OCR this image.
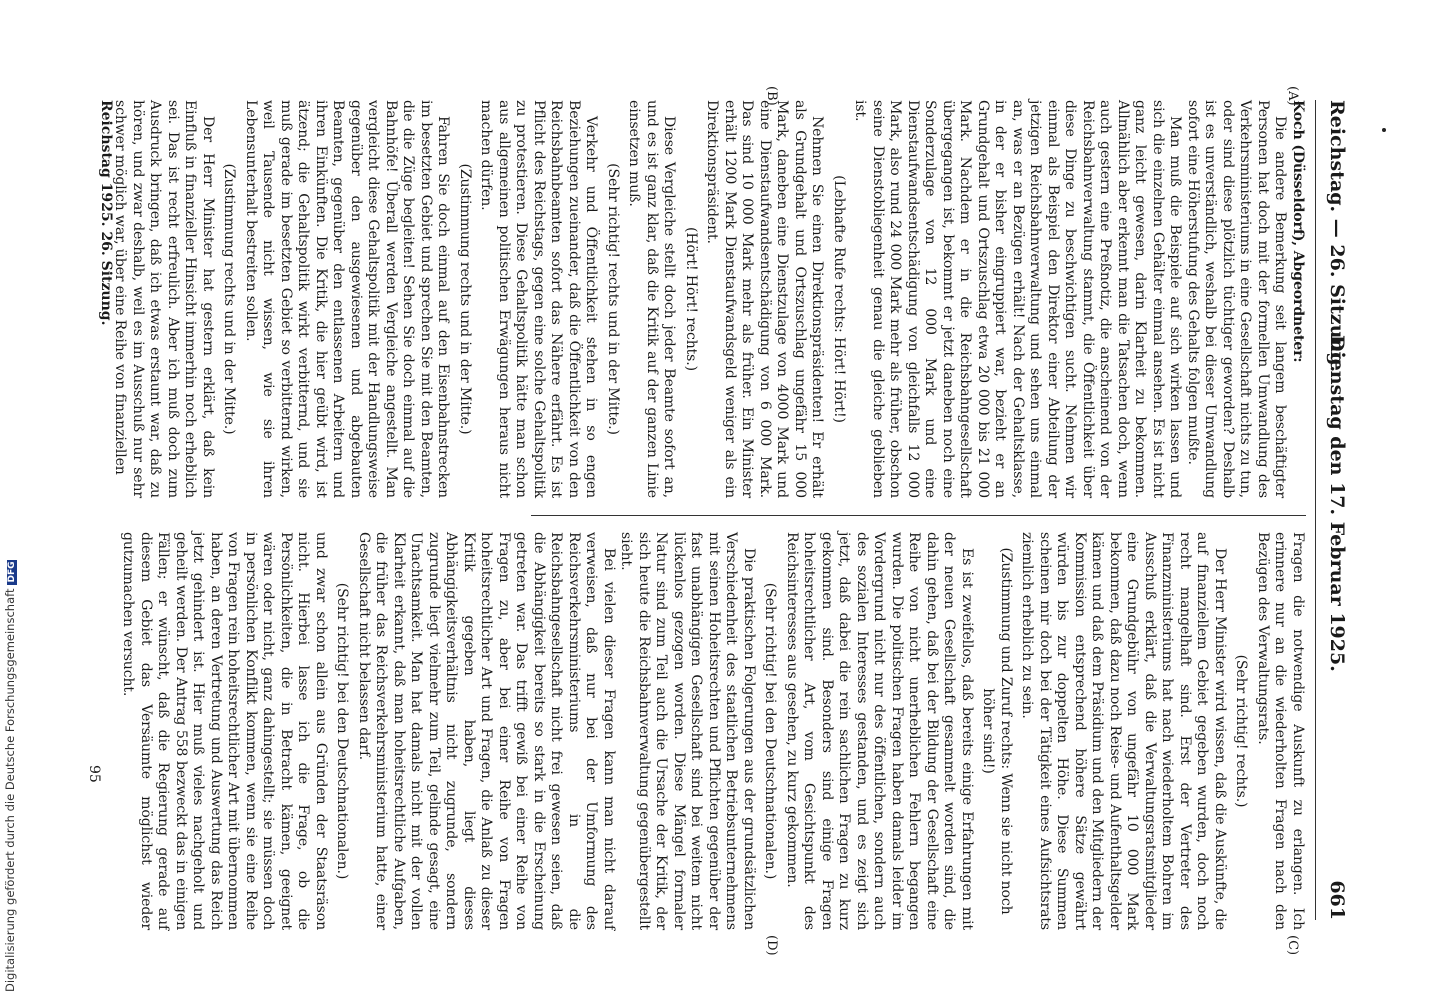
Reichstag. — 26. Sitzung.
Dienstag den 17. Februar 1925.
661
(A)
(B)
(C)
(D)

Koch (Düsseldorf), Abgeordneter:

Die andere Bemerkung seit langem beschäftigter Personen hat doch mit der formellen Umwandlung des Verkehrsministeriums in eine Gesellschaft nichts zu tun, oder sind diese plötzlich tüchtiger geworden? Deshalb ist es unverständlich, weshalb bei dieser Umwandlung sofort eine Höherstufung des Gehalts folgen mußte.

Man muß die Beispiele auf sich wirken lassen und sich die einzelnen Gehälter einmal ansehen. Es ist nicht ganz leicht gewesen, darin Klarheit zu bekommen. Allmählich aber erkennt man die Tatsachen doch, wenn auch gestern eine Preßnotiz, die anscheinend von der Reichsbahnverwaltung stammt, die Öffentlichkeit über diese Dinge zu beschwichtigen sucht. Nehmen wir einmal als Beispiel den Direktor einer Abteilung der jetzigen Reichsbahnverwaltung und sehen uns einmal an, was er an Bezügen erhält! Nach der Gehaltsklasse, in der er bisher eingruppiert war, bezieht er an Grundgehalt und Ortszuschlag etwa 20 000 bis 21 000 Mark. Nachdem er in die Reichsbahngesellschaft übergegangen ist, bekommt er jetzt daneben noch eine Sonderzulage von 12 000 Mark und eine Dienstaufwandsentschädigung von gleichfalls 12 000 Mark, also rund 24 000 Mark mehr als früher, obschon seine Dienstobliegenheit genau die gleiche geblieben ist.

(Lebhafte Rufe rechts: Hört! Hört!)

Nehmen Sie einen Direktionspräsidenten! Er erhält als Grundgehalt und Ortszuschlag ungefähr 15 000 Mark, daneben eine Dienstzulage von 4000 Mark und eine Dienstaufwandsentschädigung von 6 000 Mark. Das sind 10 000 Mark mehr als früher. Ein Minister erhält 1200 Mark Dienstaufwandsgeld weniger als ein Direktionspräsident.

(Hört! Hört! rechts.)

Diese Vergleiche stellt doch jeder Beamte sofort an, und es ist ganz klar, daß die Kritik auf der ganzen Linie einsetzen muß.

(Sehr richtig! rechts und in der Mitte.)

Verkehr und Öffentlichkeit stehen in so engen Beziehungen zueinander, daß die Öffentlichkeit von den Reichsbahnbeamten sofort das Nähere erfährt. Es ist Pflicht des Reichstags, gegen eine solche Gehaltspolitik zu protestieren. Diese Gehaltspolitik hätte man schon aus allgemeinen politischen Erwägungen heraus nicht machen dürfen.

(Zustimmung rechts und in der Mitte.)

Fahren Sie doch einmal auf den Eisenbahnstrecken im besetzten Gebiet und sprechen Sie mit den Beamten, die die Züge begleiten! Sehen Sie doch einmal auf die Bahnhöfe! Überall werden Vergleiche angestellt. Man vergleicht diese Gehaltspolitik mit der Handlungsweise gegenüber den ausgewiesenen und abgebauten Beamten, gegenüber den entlassenen Arbeitern und ihren Einkünften. Die Kritik, die hier geübt wird, ist ätzend; die Gehaltspolitik wirkt verbitternd, und sie muß gerade im besetzten Gebiet so verbitternd wirken, weil Tausende nicht wissen, wie sie ihren Lebensunterhalt bestreiten sollen.

(Zustimmung rechts und in der Mitte.)

Der Herr Minister hat gestern erklärt, daß kein Einfluß in finanzieller Hinsicht immerhin noch erheblich sei. Das ist recht erfreulich. Aber ich muß doch zum Ausdruck bringen, daß ich etwas erstaunt war, daß zu hören, und zwar deshalb, weil es im Ausschuß nur sehr schwer möglich war, über eine Reihe von finanziellen

Fragen die notwendige Auskunft zu erlangen. Ich erinnere nur an die wiederholten Fragen nach den Bezügen des Verwaltungsrats.

(Sehr richtig! rechts.)

Der Herr Minister wird wissen, daß die Auskünfte, die auf finanziellem Gebiet gegeben wurden, doch noch recht mangelhaft sind. Erst der Vertreter des Finanzministeriums hat nach wiederholtem Bohren im Ausschuß erklärt, daß die Verwaltungsratsmitglieder eine Grundgebühr von ungefähr 10 000 Mark bekommen, daß dazu noch Reise- und Aufenthaltsgelder kämen und daß dem Präsidium und den Mitgliedern der Kommission entsprechend höhere Sätze gewährt würden bis zur doppelten Höhe. Diese Summen scheinen mir doch bei der Tätigkeit eines Aufsichtsrats ziemlich erheblich zu sein.

(Zustimmung und Zuruf rechts: Wenn sie nicht noch höher sind!)

Es ist zweifellos, daß bereits einige Erfahrungen mit der neuen Gesellschaft gesammelt worden sind, die dahin gehen, daß bei der Bildung der Gesellschaft eine Reihe von nicht unerheblichen Fehlern begangen wurden. Die politischen Fragen haben damals leider im Vordergrund nicht nur des öffentlichen, sondern auch des sozialen Interesses gestanden, und es zeigt sich jetzt, daß dabei die rein sachlichen Fragen zu kurz gekommen sind. Besonders sind einige Fragen hoheitsrechtlicher Art, vom Gesichtspunkt des Reichsinteresses aus gesehen, zu kurz gekommen.

(Sehr richtig! bei den Deutschnationalen.)

Die praktischen Folgerungen aus der grundsätzlichen Verschiedenheit des staatlichen Betriebsunternehmens mit seinen Hoheitsrechten und Pflichten gegenüber der fast unabhängigen Gesellschaft sind bei weitem nicht lückenlos gezogen worden. Diese Mängel formaler Natur sind zum Teil auch die Ursache der Kritik, der sich heute die Reichsbahnverwaltung gegenübergestellt sieht.

Bei vielen dieser Fragen kann man nicht darauf verweisen, daß nur bei der Umformung des Reichsverkehrsministeriums in die Reichsbahngesellschaft nicht frei gewesen seien, daß die Abhängigkeit bereits so stark in die Erscheinung getreten war. Das trifft gewiß bei einer Reihe von Fragen zu, aber bei einer Reihe von Fragen hoheitsrechtlicher Art und Fragen, die Anlaß zu dieser Kritik gegeben haben, liegt dieses Abhängigkeitsverhältnis nicht zugrunde, sondern zugrunde liegt vielmehr zum Teil, gelinde gesagt, eine Unachtsamkeit. Man hat damals nicht mit der vollen Klarheit erkannt, daß man hoheitsrechtliche Aufgaben, die früher das Reichsverkehrsministerium hatte, einer Gesellschaft nicht belassen darf.

(Sehr richtig! bei den Deutschnationalen.)

und zwar schon allein aus Gründen der Staatsräson nicht. Hierbei lasse ich die Frage, ob die Persönlichkeiten, die in Betracht kämen, geeignet wären oder nicht, ganz dahingestellt; sie müssen doch in persönlichen Konflikt kommen, wenn sie eine Reihe von Fragen rein hoheitsrechtlicher Art mit übernommen haben, an deren Vertretung und Auswertung das Reich jetzt gehindert ist. Hier muß vieles nachgeholt und geheilt werden. Der Antrag 558 bezweckt das in einigen Fällen; er wünscht, daß die Regierung gerade auf diesem Gebiet das Versäumte möglichst wieder gutzumachen versucht.

Reichstag 1925. 26. Sitzung.
95
Digitalisierung gefördert durch die Deutsche ForschungsgemeinschaftDFG
